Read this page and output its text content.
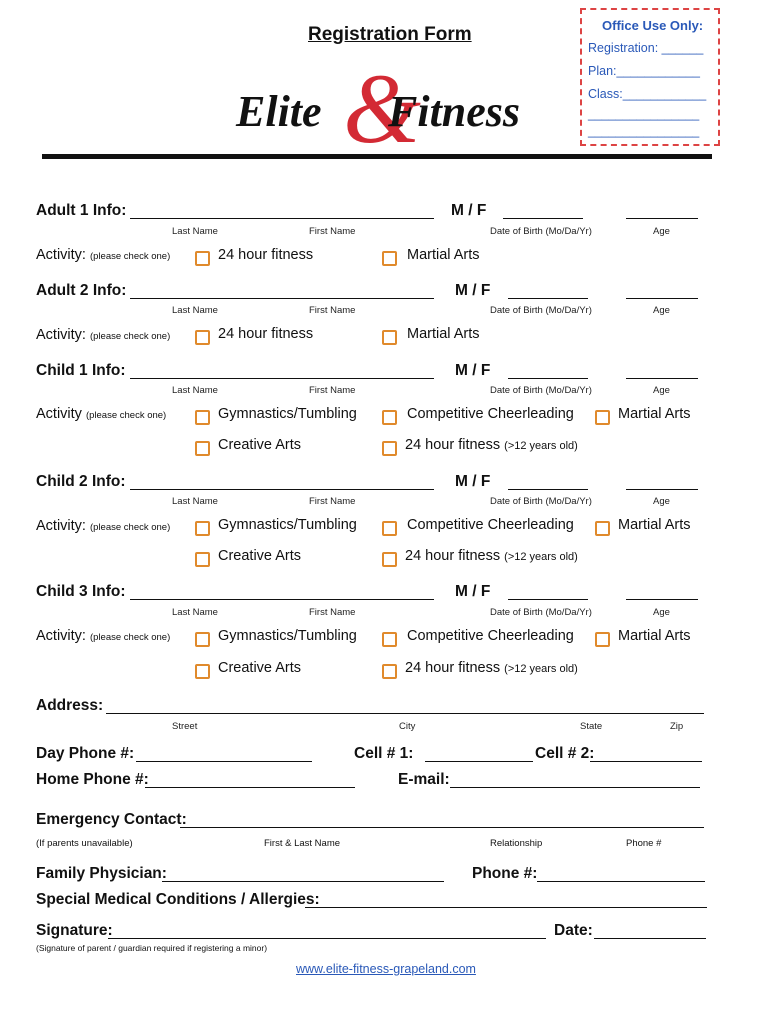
Registration Form
&
Elite Fitness
Office Use Only:
Registration: ______
Plan:____________
Class:____________
________________
________________
Adult 1 Info:	M / F
Last Name	First Name	Date of Birth (Mo/Da/Yr)	Age
Activity: (please check one)	24 hour fitness	Martial Arts
Adult 2 Info:	M / F
Last Name	First Name	Date of Birth (Mo/Da/Yr)	Age
Activity: (please check one)	24 hour fitness	Martial Arts
Child 1 Info:	M / F
Last Name	First Name	Date of Birth (Mo/Da/Yr)	Age
Activity (please check one)	Gymnastics/Tumbling	Competitive Cheerleading	Martial Arts
Creative Arts	24 hour fitness (>12 years old)
Child 2 Info:	M / F
Last Name	First Name	Date of Birth (Mo/Da/Yr)	Age
Activity: (please check one)	Gymnastics/Tumbling	Competitive Cheerleading	Martial Arts
Creative Arts	24 hour fitness (>12 years old)
Child 3 Info:	M / F
Last Name	First Name	Date of Birth (Mo/Da/Yr)	Age
Activity: (please check one)	Gymnastics/Tumbling	Competitive Cheerleading	Martial Arts
Creative Arts	24 hour fitness (>12 years old)
Address:
Street	City	State	Zip
Day Phone #:	Cell # 1:	Cell # 2:
Home Phone #:	E-mail:
Emergency Contact:
(If parents unavailable)	First & Last Name	Relationship	Phone #
Family Physician:	Phone #:
Special Medical Conditions / Allergies:
Signature:	Date:
(Signature of parent / guardian required if registering a minor)
www.elite-fitness-grapeland.com
